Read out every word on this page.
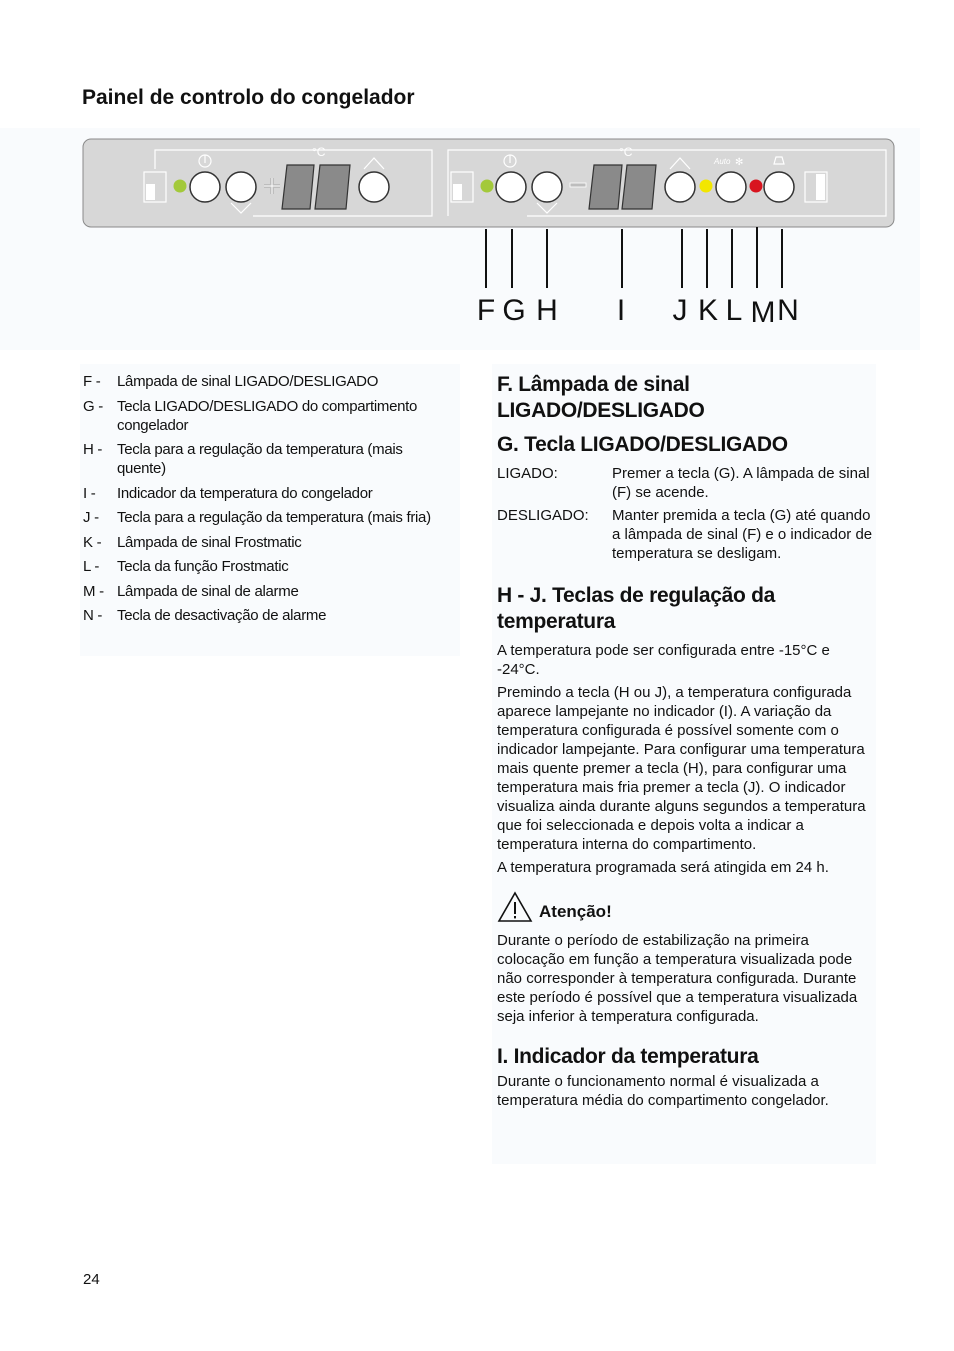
Painel de controlo do congelador
°C	°C
Auto ✻
F G H I J K L M N
F -	Lâmpada de sinal LIGADO/DESLIGADO
G - Tecla LIGADO/DESLIGADO do compartimento congelador
H - Tecla para a regulação da temperatura (mais quente)
I -	Indicador da temperatura do congelador
J -	Tecla para a regulação da temperatura (mais fria)
K -	Lâmpada de sinal Frostmatic
L -	Tecla da função Frostmatic
M - Lâmpada de sinal de alarme
N - Tecla de desactivação de alarme
F. Lâmpada de sinal LIGADO/DESLIGADO
G. Tecla LIGADO/DESLIGADO
LIGADO:	Premer a tecla (G). A lâmpada de sinal (F) se acende.
DESLIGADO:	Manter premida a tecla (G) até quando a lâmpada de sinal (F) e o indicador de temperatura se desligam.
H - J. Teclas de regulação da temperatura

A temperatura pode ser configurada entre -15°C e -24°C.

Premindo a tecla (H ou J), a temperatura configurada aparece lampejante no indicador (I). A variação da temperatura configurada é possível somente com o indicador lampejante. Para configurar uma temperatura mais quente premer a tecla (H), para configurar uma temperatura mais fria premer a tecla (J). O indicador visualiza ainda durante alguns segundos a temperatura que foi seleccionada e depois volta a indicar a temperatura interna do compartimento.

A temperatura programada será atingida em 24 h.

Atenção!

Durante o período de estabilização na primeira colocação em função a temperatura visualizada pode não corresponder à temperatura configurada. Durante este período é possível que a temperatura visualizada seja inferior à temperatura configurada.

I. Indicador da temperatura

Durante o funcionamento normal é visualizada a temperatura média do compartimento congelador.

24
